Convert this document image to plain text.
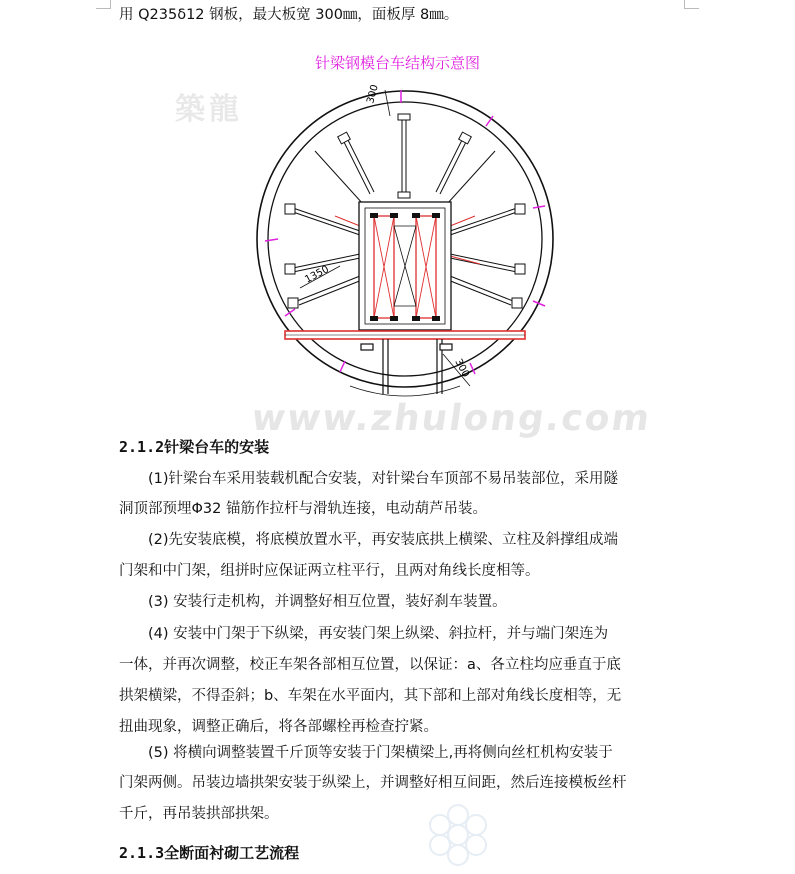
用 Q235δ12 钢板，最大板宽 300㎜，面板厚 8㎜。
针梁钢模台车结构示意图
築龍	300
1350
300
www.zhulong.com
2.1.2针梁台车的安装
　　(1)针梁台车采用装载机配合安装，对针梁台车顶部不易吊装部位，采用隧
洞顶部预埋Φ32 锚筋作拉杆与滑轨连接，电动葫芦吊装。
　　(2)先安装底模，将底模放置水平，再安装底拱上横梁、立柱及斜撑组成端
门架和中门架，组拼时应保证两立柱平行，且两对角线长度相等。
　　(3) 安装行走机构，并调整好相互位置，装好刹车装置。
　　(4) 安装中门架于下纵梁，再安装门架上纵梁、斜拉杆，并与端门架连为
一体，并再次调整，校正车架各部相互位置，以保证：a、各立柱均应垂直于底
拱架横梁，不得歪斜；b、车架在水平面内，其下部和上部对角线长度相等，无
扭曲现象，调整正确后，将各部螺栓再检查拧紧。
　　(5) 将横向调整装置千斤顶等安装于门架横梁上,再将侧向丝杠机构安装于
门架两侧。吊装边墙拱架安装于纵梁上，并调整好相互间距，然后连接模板丝杆
千斤，再吊装拱部拱架。
2.1.3全断面衬砌工艺流程
